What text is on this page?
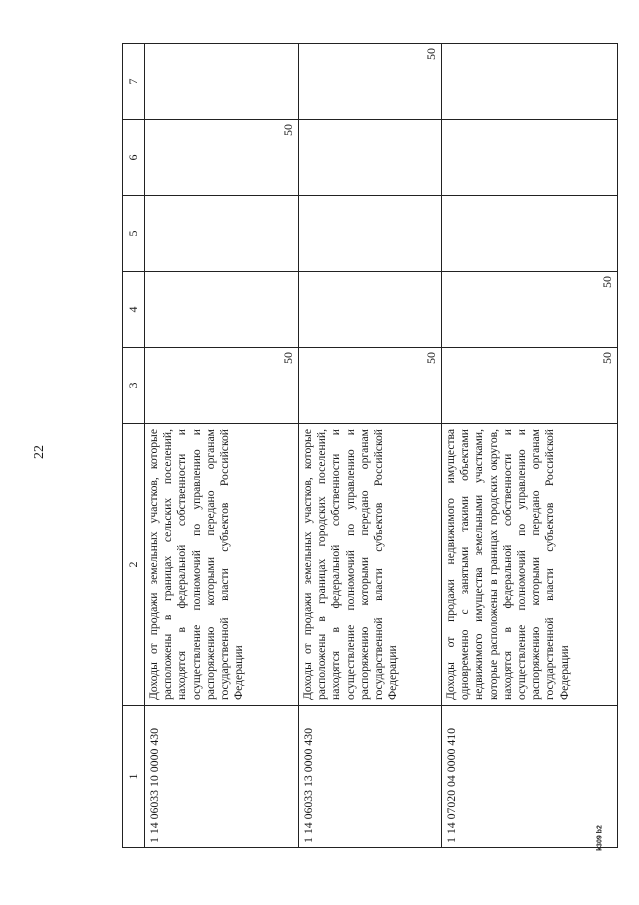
22
1	2	3	4	5	6	7
1 14 06033 10 0000 430	Доходы от продажи земельных участков, которые расположены в границах сельских поселений, находятся в федеральной собственности и осуществление полномочий по управлению и распоряжению которыми передано органам государственной власти субъектов Российской Федерации	50			50	

1 14 06033 13 0000 430	Доходы от продажи земельных участков, которые расположены в границах городских поселений, находятся в федеральной собственности и осуществление полномочий по управлению и распоряжению которыми передано органам государственной власти субъектов Российской Федерации	50				50

1 14 07020 04 0000 410	Доходы от продажи недвижимого имущества одновременно с занятыми такими объектами недвижимого имущества земельными участками, которые расположены в границах городских округов, находятся в федеральной собственности и осуществление полномочий по управлению и распоряжению которыми передано органам государственной власти субъектов Российской Федерации	50	50			

k309 b2
